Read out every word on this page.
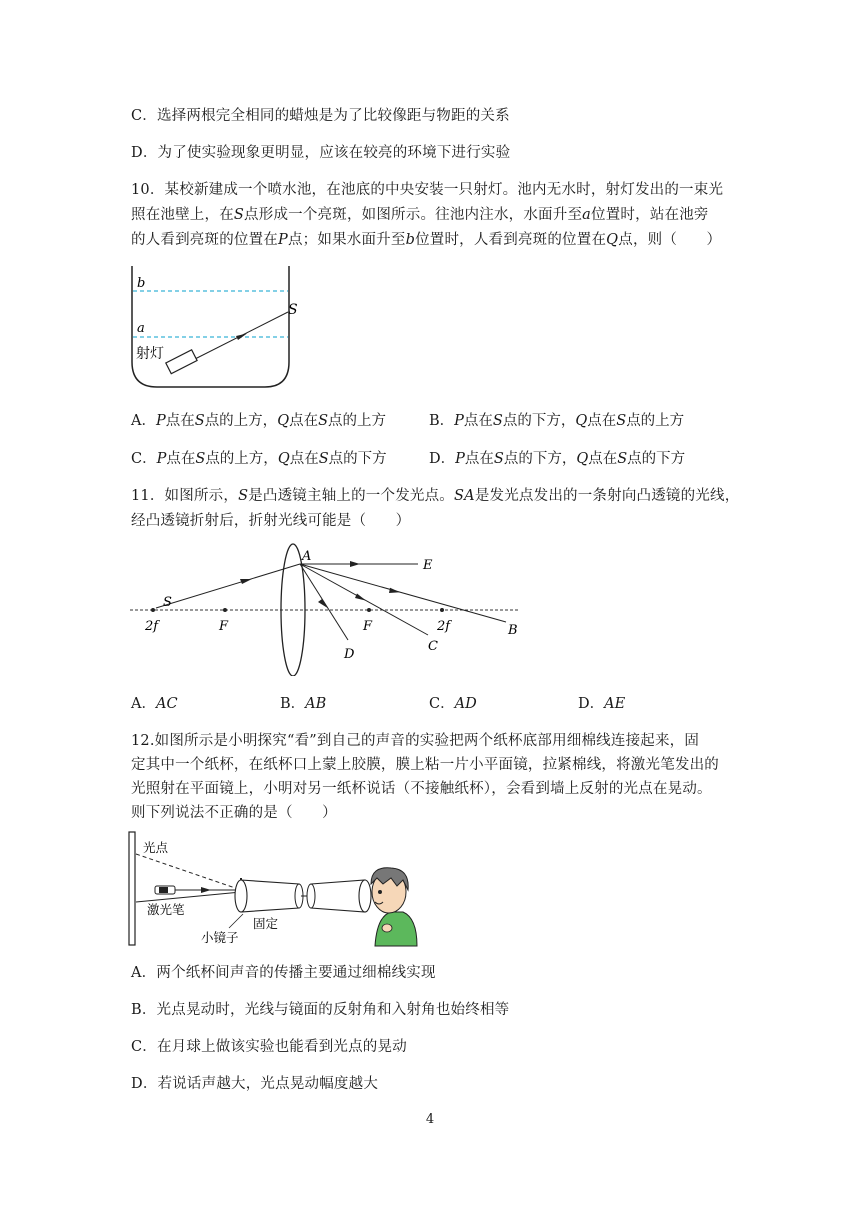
C．选择两根完全相同的蜡烛是为了比较像距与物距的关系
D．为了使实验现象更明显，应该在较亮的环境下进行实验
10．某校新建成一个喷水池，在池底的中央安装一只射灯。池内无水时，射灯发出的一束光
照在池壁上，在S点形成一个亮斑，如图所示。往池内注水，水面升至a位置时，站在池旁
的人看到亮斑的位置在P点；如果水面升至b位置时，人看到亮斑的位置在Q点，则（　　）
b
a
S
射灯
A．P点在S点的上方，Q点在S点的上方	B．P点在S点的下方，Q点在S点的上方
C．P点在S点的上方，Q点在S点的下方	D．P点在S点的下方，Q点在S点的下方
11．如图所示，S是凸透镜主轴上的一个发光点。SA是发光点发出的一条射向凸透镜的光线，
经凸透镜折射后，折射光线可能是（　　）
A
E
S
2f	F	F	2f	B
C
D
A．AC	B．AB	C．AD	D．AE
12.如图所示是小明探究“看”到自己的声音的实验把两个纸杯底部用细棉线连接起来，固
定其中一个纸杯，在纸杯口上蒙上胶膜，膜上粘一片小平面镜，拉紧棉线，将激光笔发出的
光照射在平面镜上，小明对另一纸杯说话（不接触纸杯），会看到墙上反射的光点在晃动。
则下列说法不正确的是（　　）
光点
激光笔
固定
小镜子
A．两个纸杯间声音的传播主要通过细棉线实现
B．光点晃动时，光线与镜面的反射角和入射角也始终相等
C．在月球上做该实验也能看到光点的晃动
D．若说话声越大，光点晃动幅度越大
4
